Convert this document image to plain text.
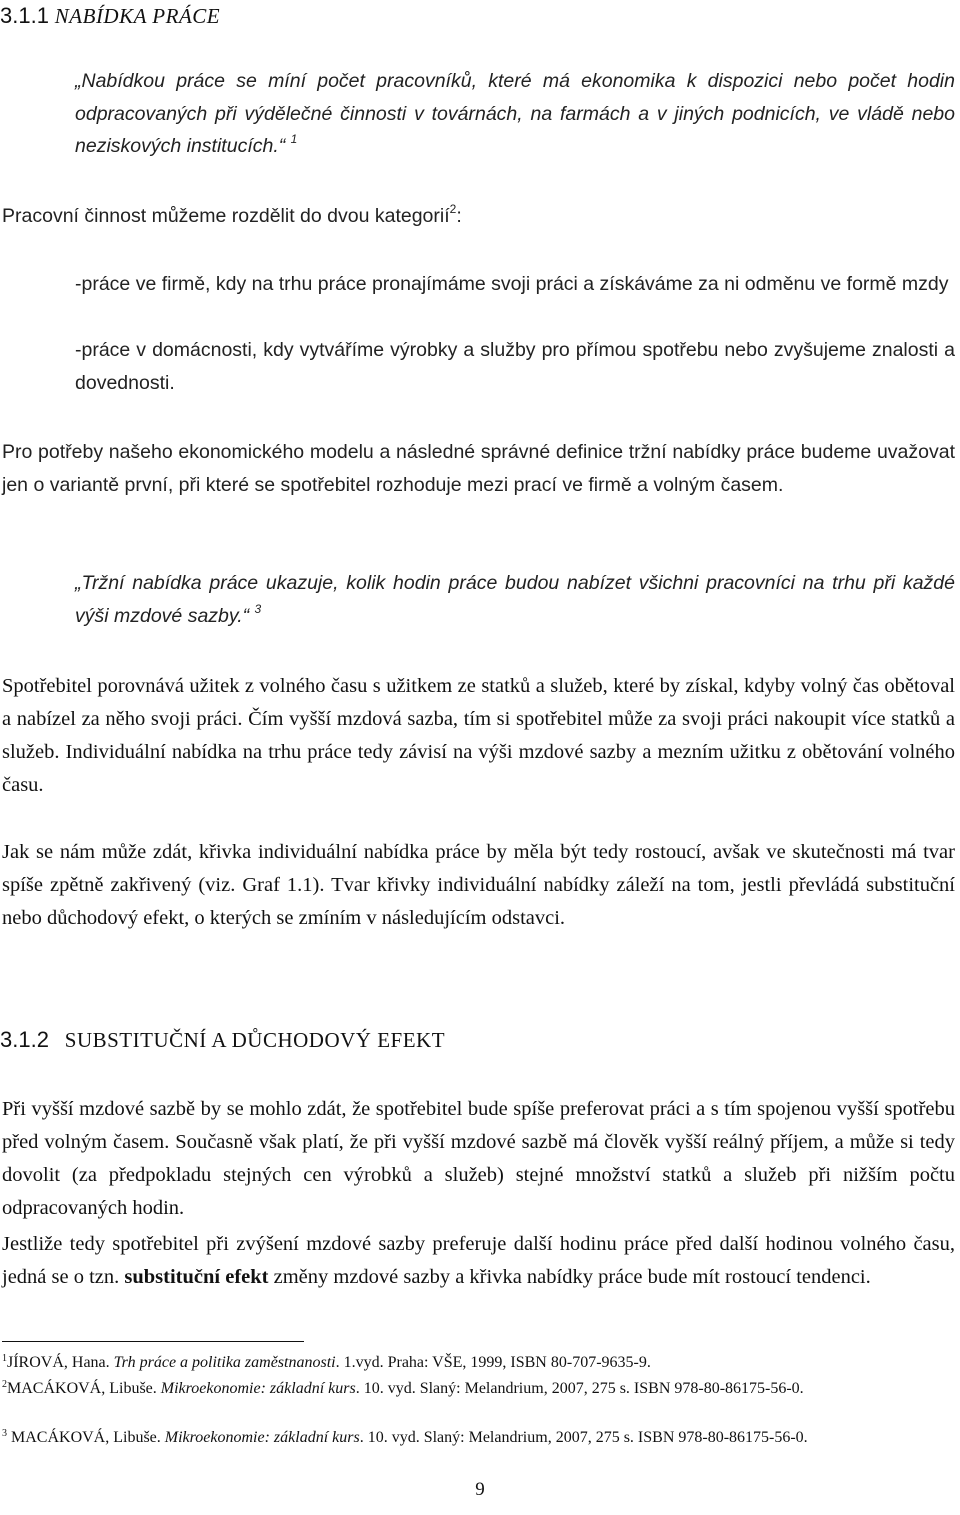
3.1.1 NABÍDKA PRÁCE

„Nabídkou práce se míní počet pracovníků, které má ekonomika k dispozici nebo počet hodin odpracovaných při výdělečné činnosti v továrnách, na farmách a v jiných podnicích, ve vládě nebo neziskových institucích.“ $^1$

Pracovní činnost můžeme rozdělit do dvou kategorií$^2$:

-práce ve firmě, kdy na trhu práce pronajímáme svoji práci a získáváme za ni odměnu ve formě mzdy

-práce v domácnosti, kdy vytváříme výrobky a služby pro přímou spotřebu nebo zvyšujeme znalosti a dovednosti.

Pro potřeby našeho ekonomického modelu a následné správné definice tržní nabídky práce budeme uvažovat jen o variantě první, při které se spotřebitel rozhoduje mezi prací ve firmě a volným časem.

„Tržní nabídka práce ukazuje, kolik hodin práce budou nabízet všichni pracovníci na trhu při každé výši mzdové sazby.“ $^3$

Spotřebitel porovnává užitek z volného času s užitkem ze statků a služeb, které by získal, kdyby volný čas obětoval a nabízel za něho svoji práci. Čím vyšší mzdová sazba, tím si spotřebitel může za svoji práci nakoupit více statků a služeb. Individuální nabídka na trhu práce tedy závisí na výši mzdové sazby a mezním užitku z obětování volného času.

Jak se nám může zdát, křivka individuální nabídka práce by měla být tedy rostoucí, avšak ve skutečnosti má tvar spíše zpětně zakřivený (viz. Graf 1.1). Tvar křivky individuální nabídky záleží na tom, jestli převládá substituční nebo důchodový efekt, o kterých se zmíním v následujícím odstavci.

3.1.2 SUBSTITUČNÍ A DŮCHODOVÝ EFEKT

Při vyšší mzdové sazbě by se mohlo zdát, že spotřebitel bude spíše preferovat práci a s tím spojenou vyšší spotřebu před volným časem. Současně však platí, že při vyšší mzdové sazbě má člověk vyšší reálný příjem, a může si tedy dovolit (za předpokladu stejných cen výrobků a služeb) stejné množství statků a služeb při nižším počtu odpracovaných hodin.

Jestliže tedy spotřebitel při zvýšení mzdové sazby preferuje další hodinu práce před další hodinou volného času, jedná se o tzn. substituční efekt změny mzdové sazby a křivka nabídky práce bude mít rostoucí tendenci.

$^1$JÍROVÁ, Hana. Trh práce a politika zaměstnanosti. 1.vyd. Praha: VŠE, 1999, ISBN 80-707-9635-9.

$^2$MACÁKOVÁ, Libuše. Mikroekonomie: základní kurs. 10. vyd. Slaný: Melandrium, 2007, 275 s. ISBN 978-80-86175-56-0.

$^3$ MACÁKOVÁ, Libuše. Mikroekonomie: základní kurs. 10. vyd. Slaný: Melandrium, 2007, 275 s. ISBN 978-80-86175-56-0.

9
